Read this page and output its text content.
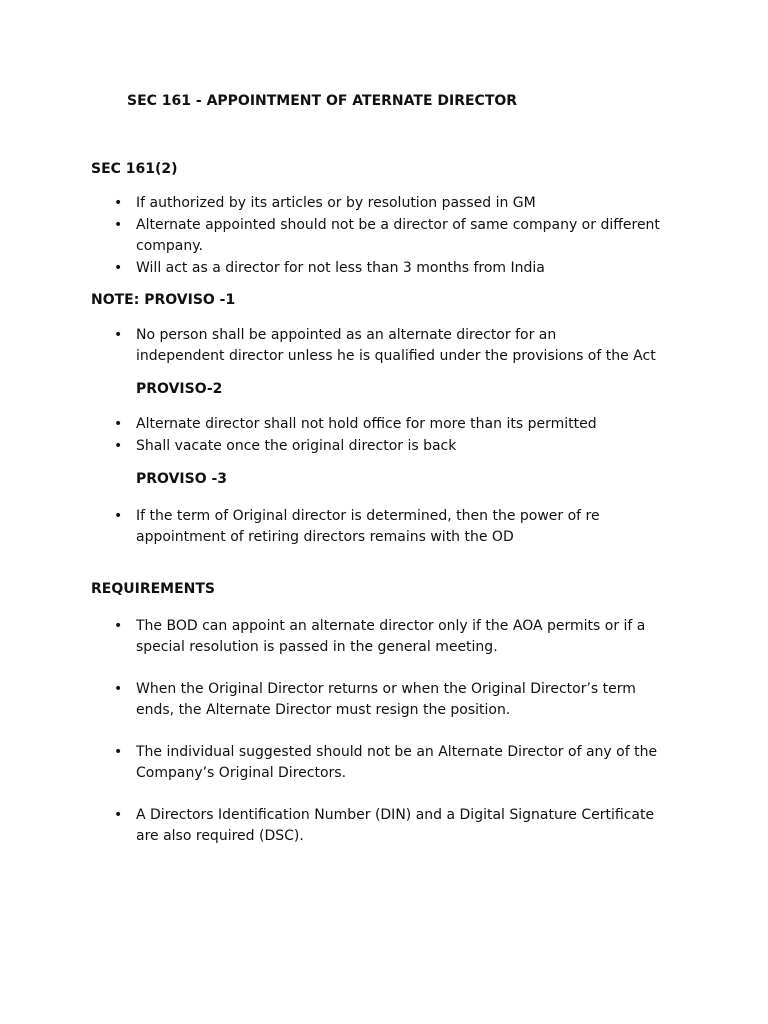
SEC 161 - APPOINTMENT OF ATERNATE DIRECTOR
SEC 161(2)
• If authorized by its articles or by resolution passed in GM
• Alternate appointed should not be a director of same company or different company.
• Will act as a director for not less than 3 months from India
NOTE: PROVISO -1
• No person shall be appointed as an alternate director for an
independent director unless he is qualified under the provisions of the Act
PROVISO-2
• Alternate director shall not hold office for more than its permitted
• Shall vacate once the original director is back
PROVISO -3
• If the term of Original director is determined, then the power of re appointment of retiring directors remains with the OD
REQUIREMENTS
• The BOD can appoint an alternate director only if the AOA permits or if a special resolution is passed in the general meeting.
• When the Original Director returns or when the Original Director’s term ends, the Alternate Director must resign the position.
• The individual suggested should not be an Alternate Director of any of the Company’s Original Directors.
• A Directors Identification Number (DIN) and a Digital Signature Certificate are also required (DSC).
